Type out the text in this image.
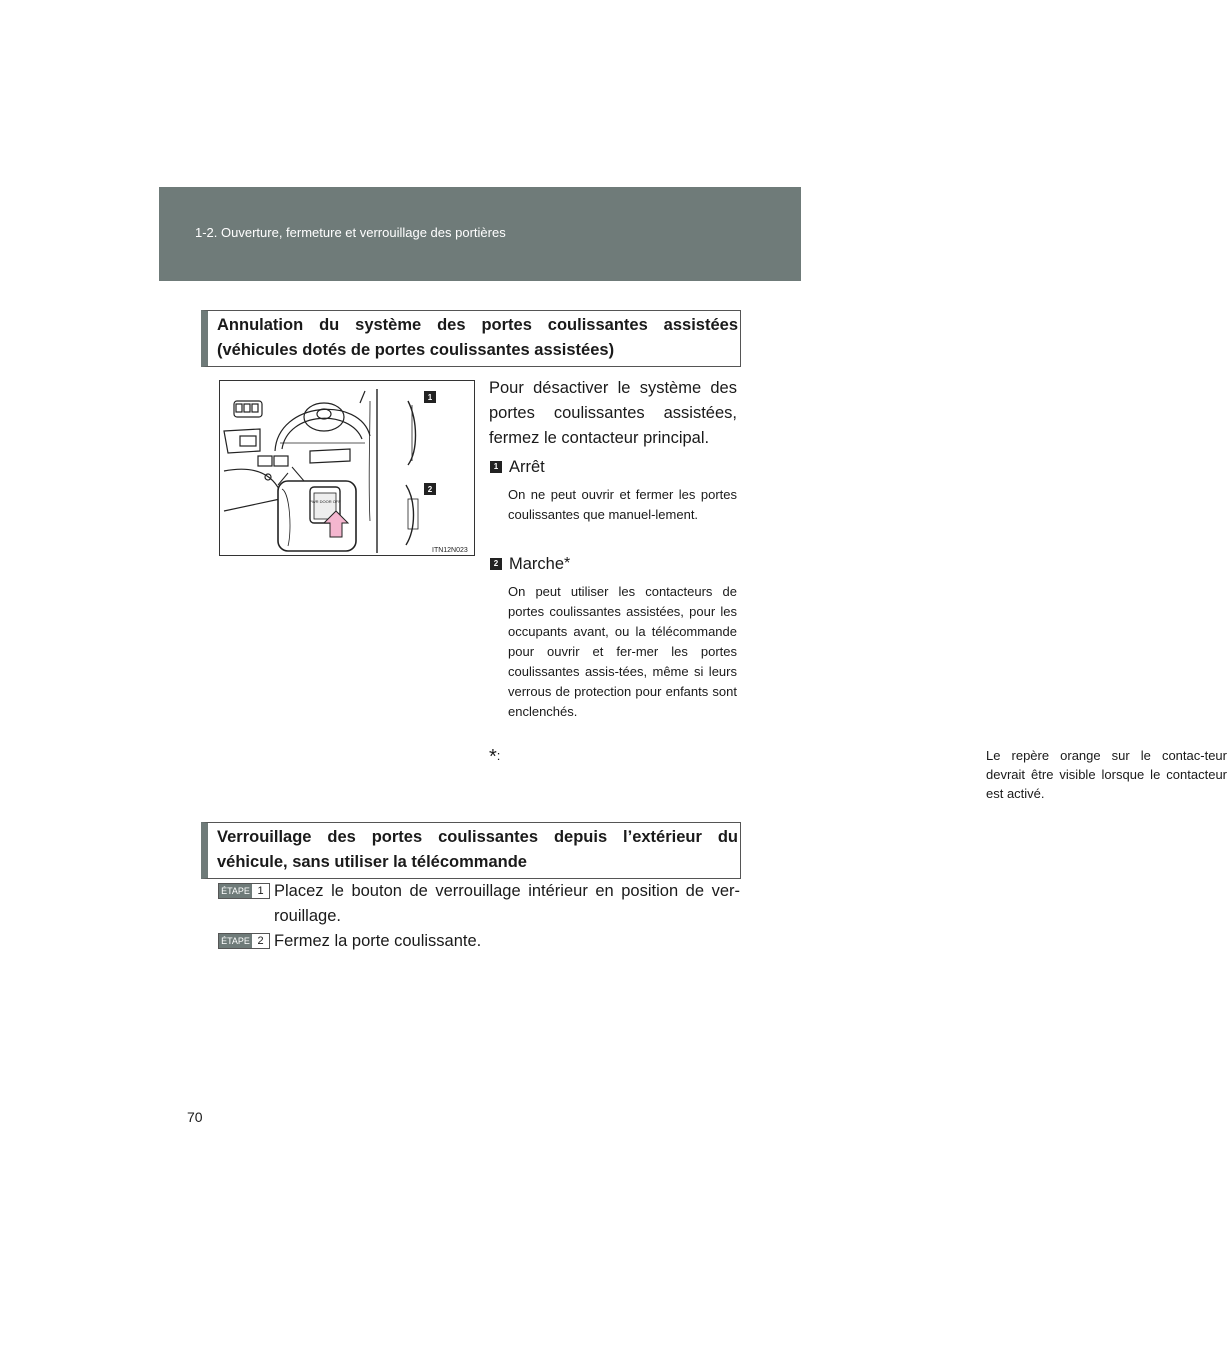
1-2. Ouverture, fermeture et verrouillage des portières
Annulation du système des portes coulissantes assistées
(véhicules dotés de portes coulissantes assistées)
PWR DOOR OFF
1
2
ITN12N023
Pour désactiver le système des
portes coulissantes assistées,
fermez le contacteur principal.
1 Arrêt
On ne peut ouvrir et fermer les portes coulissantes que manuel-lement.
2 Marche *
On peut utiliser les contacteurs de portes coulissantes assistées, pour les occupants avant, ou la télécommande pour ouvrir et fer-mer les portes coulissantes assis-tées, même si leurs verrous de protection pour enfants sont enclenchés.
*:	Le repère orange sur le contac-teur devrait être visible lorsque le contacteur est activé.
Verrouillage des portes coulissantes depuis l’extérieur du
véhicule, sans utiliser la télécommande
ÉTAPE 1 Placez le bouton de verrouillage intérieur en position de ver-rouillage.
ÉTAPE 2 Fermez la porte coulissante.
70
